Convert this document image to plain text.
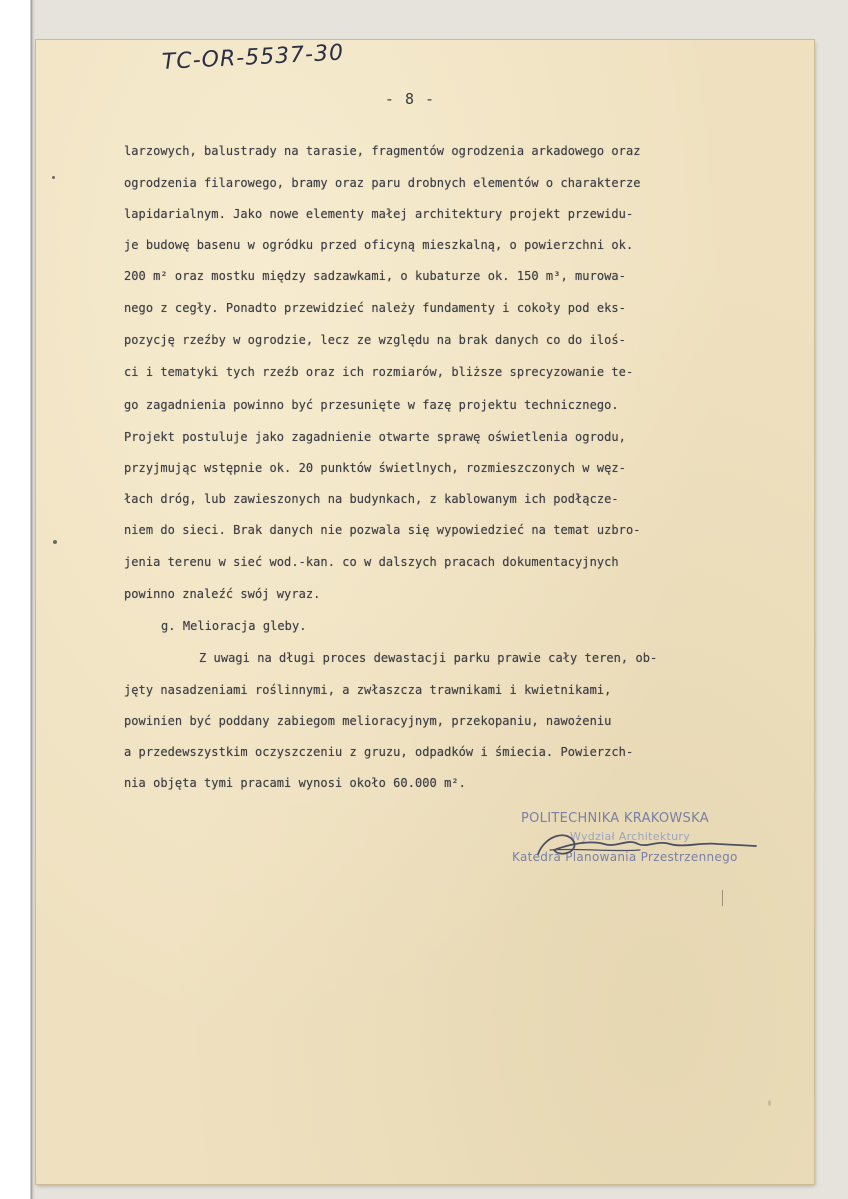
TC-OR-5537-30
- 8 -
larzowych, balustrady na tarasie, fragmentów ogrodzenia arkadowego oraz
ogrodzenia filarowego, bramy oraz paru drobnych elementów o charakterze
lapidarialnym. Jako nowe elementy małej architektury projekt przewidu-
je budowę basenu w ogródku przed oficyną mieszkalną, o powierzchni ok.
200 m² oraz mostku między sadzawkami, o kubaturze ok. 150 m³, murowa-
nego z cegły. Ponadto przewidzieć należy fundamenty i cokoły pod eks-
pozycję rzeźby w ogrodzie, lecz ze względu na brak danych co do iloś-
ci i tematyki tych rzeźb oraz ich rozmiarów, bliższe sprecyzowanie te-
go zagadnienia powinno być przesunięte w fazę projektu technicznego.
Projekt postuluje jako zagadnienie otwarte sprawę oświetlenia ogrodu,
przyjmując wstępnie ok. 20 punktów świetlnych, rozmieszczonych w węz-
łach dróg, lub zawieszonych na budynkach, z kablowanym ich podłącze-
niem do sieci. Brak danych nie pozwala się wypowiedzieć na temat uzbro-
jenia terenu w sieć wod.-kan. co w dalszych pracach dokumentacyjnych
powinno znaleźć swój wyraz.
g. Melioracja gleby.
Z uwagi na długi proces dewastacji parku prawie cały teren, ob-
jęty nasadzeniami roślinnymi, a zwłaszcza trawnikami i kwietnikami,
powinien być poddany zabiegom melioracyjnym, przekopaniu, nawożeniu
a przedewszystkim oczyszczeniu z gruzu, odpadków i śmiecia. Powierzch-
nia objęta tymi pracami wynosi około 60.000 m².
POLITECHNIKA KRAKOWSKA
Wydział Architektury
Katedra Planowania Przestrzennego
